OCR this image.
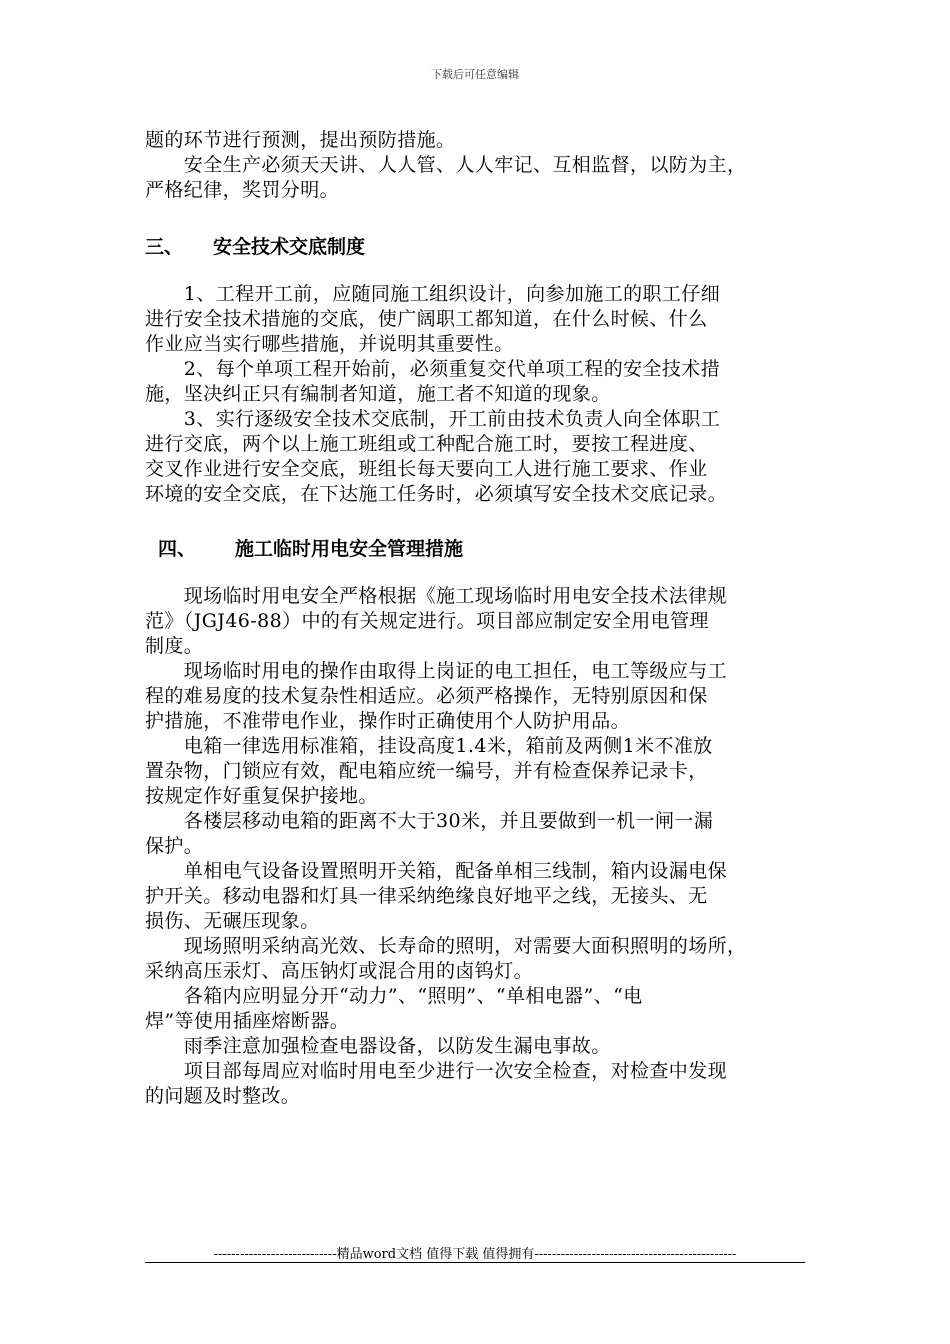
下载后可任意编辑
题的环节进行预测，提出预防措施。
　　安全生产必须天天讲、人人管、人人牢记、互相监督，以防为主，
严格纪律，奖罚分明。
三、 安全技术交底制度
　　1、工程开工前，应随同施工组织设计，向参加施工的职工仔细
进行安全技术措施的交底，使广阔职工都知道，在什么时候、什么
作业应当实行哪些措施，并说明其重要性。
　　2、每个单项工程开始前，必须重复交代单项工程的安全技术措
施，坚决纠正只有编制者知道，施工者不知道的现象。
　　3、实行逐级安全技术交底制，开工前由技术负责人向全体职工
进行交底，两个以上施工班组或工种配合施工时，要按工程进度、
交叉作业进行安全交底，班组长每天要向工人进行施工要求、作业
环境的安全交底，在下达施工任务时，必须填写安全技术交底记录。
四、 施工临时用电安全管理措施
　　现场临时用电安全严格根据《施工现场临时用电安全技术法律规
范》（JGJ46-88）中的有关规定进行。项目部应制定安全用电管理
制度。
　　现场临时用电的操作由取得上岗证的电工担任，电工等级应与工
程的难易度的技术复杂性相适应。必须严格操作，无特别原因和保
护措施，不准带电作业，操作时正确使用个人防护用品。
　　电箱一律选用标准箱，挂设高度1.4米，箱前及两侧1米不准放
置杂物，门锁应有效，配电箱应统一编号，并有检查保养记录卡，
按规定作好重复保护接地。
　　各楼层移动电箱的距离不大于30米，并且要做到一机一闸一漏
保护。
　　单相电气设备设置照明开关箱，配备单相三线制，箱内设漏电保
护开关。移动电器和灯具一律采纳绝缘良好地平之线，无接头、无
损伤、无碾压现象。
　　现场照明采纳高光效、长寿命的照明，对需要大面积照明的场所，
采纳高压汞灯、高压钠灯或混合用的卤钨灯。
　　各箱内应明显分开“动力”、“照明”、“单相电器”、“电
焊”等使用插座熔断器。
　　雨季注意加强检查电器设备，以防发生漏电事故。
　　项目部每周应对临时用电至少进行一次安全检查，对检查中发现
的问题及时整改。
----------------------------精品word文档 值得下载 值得拥有----------------------------------------------
